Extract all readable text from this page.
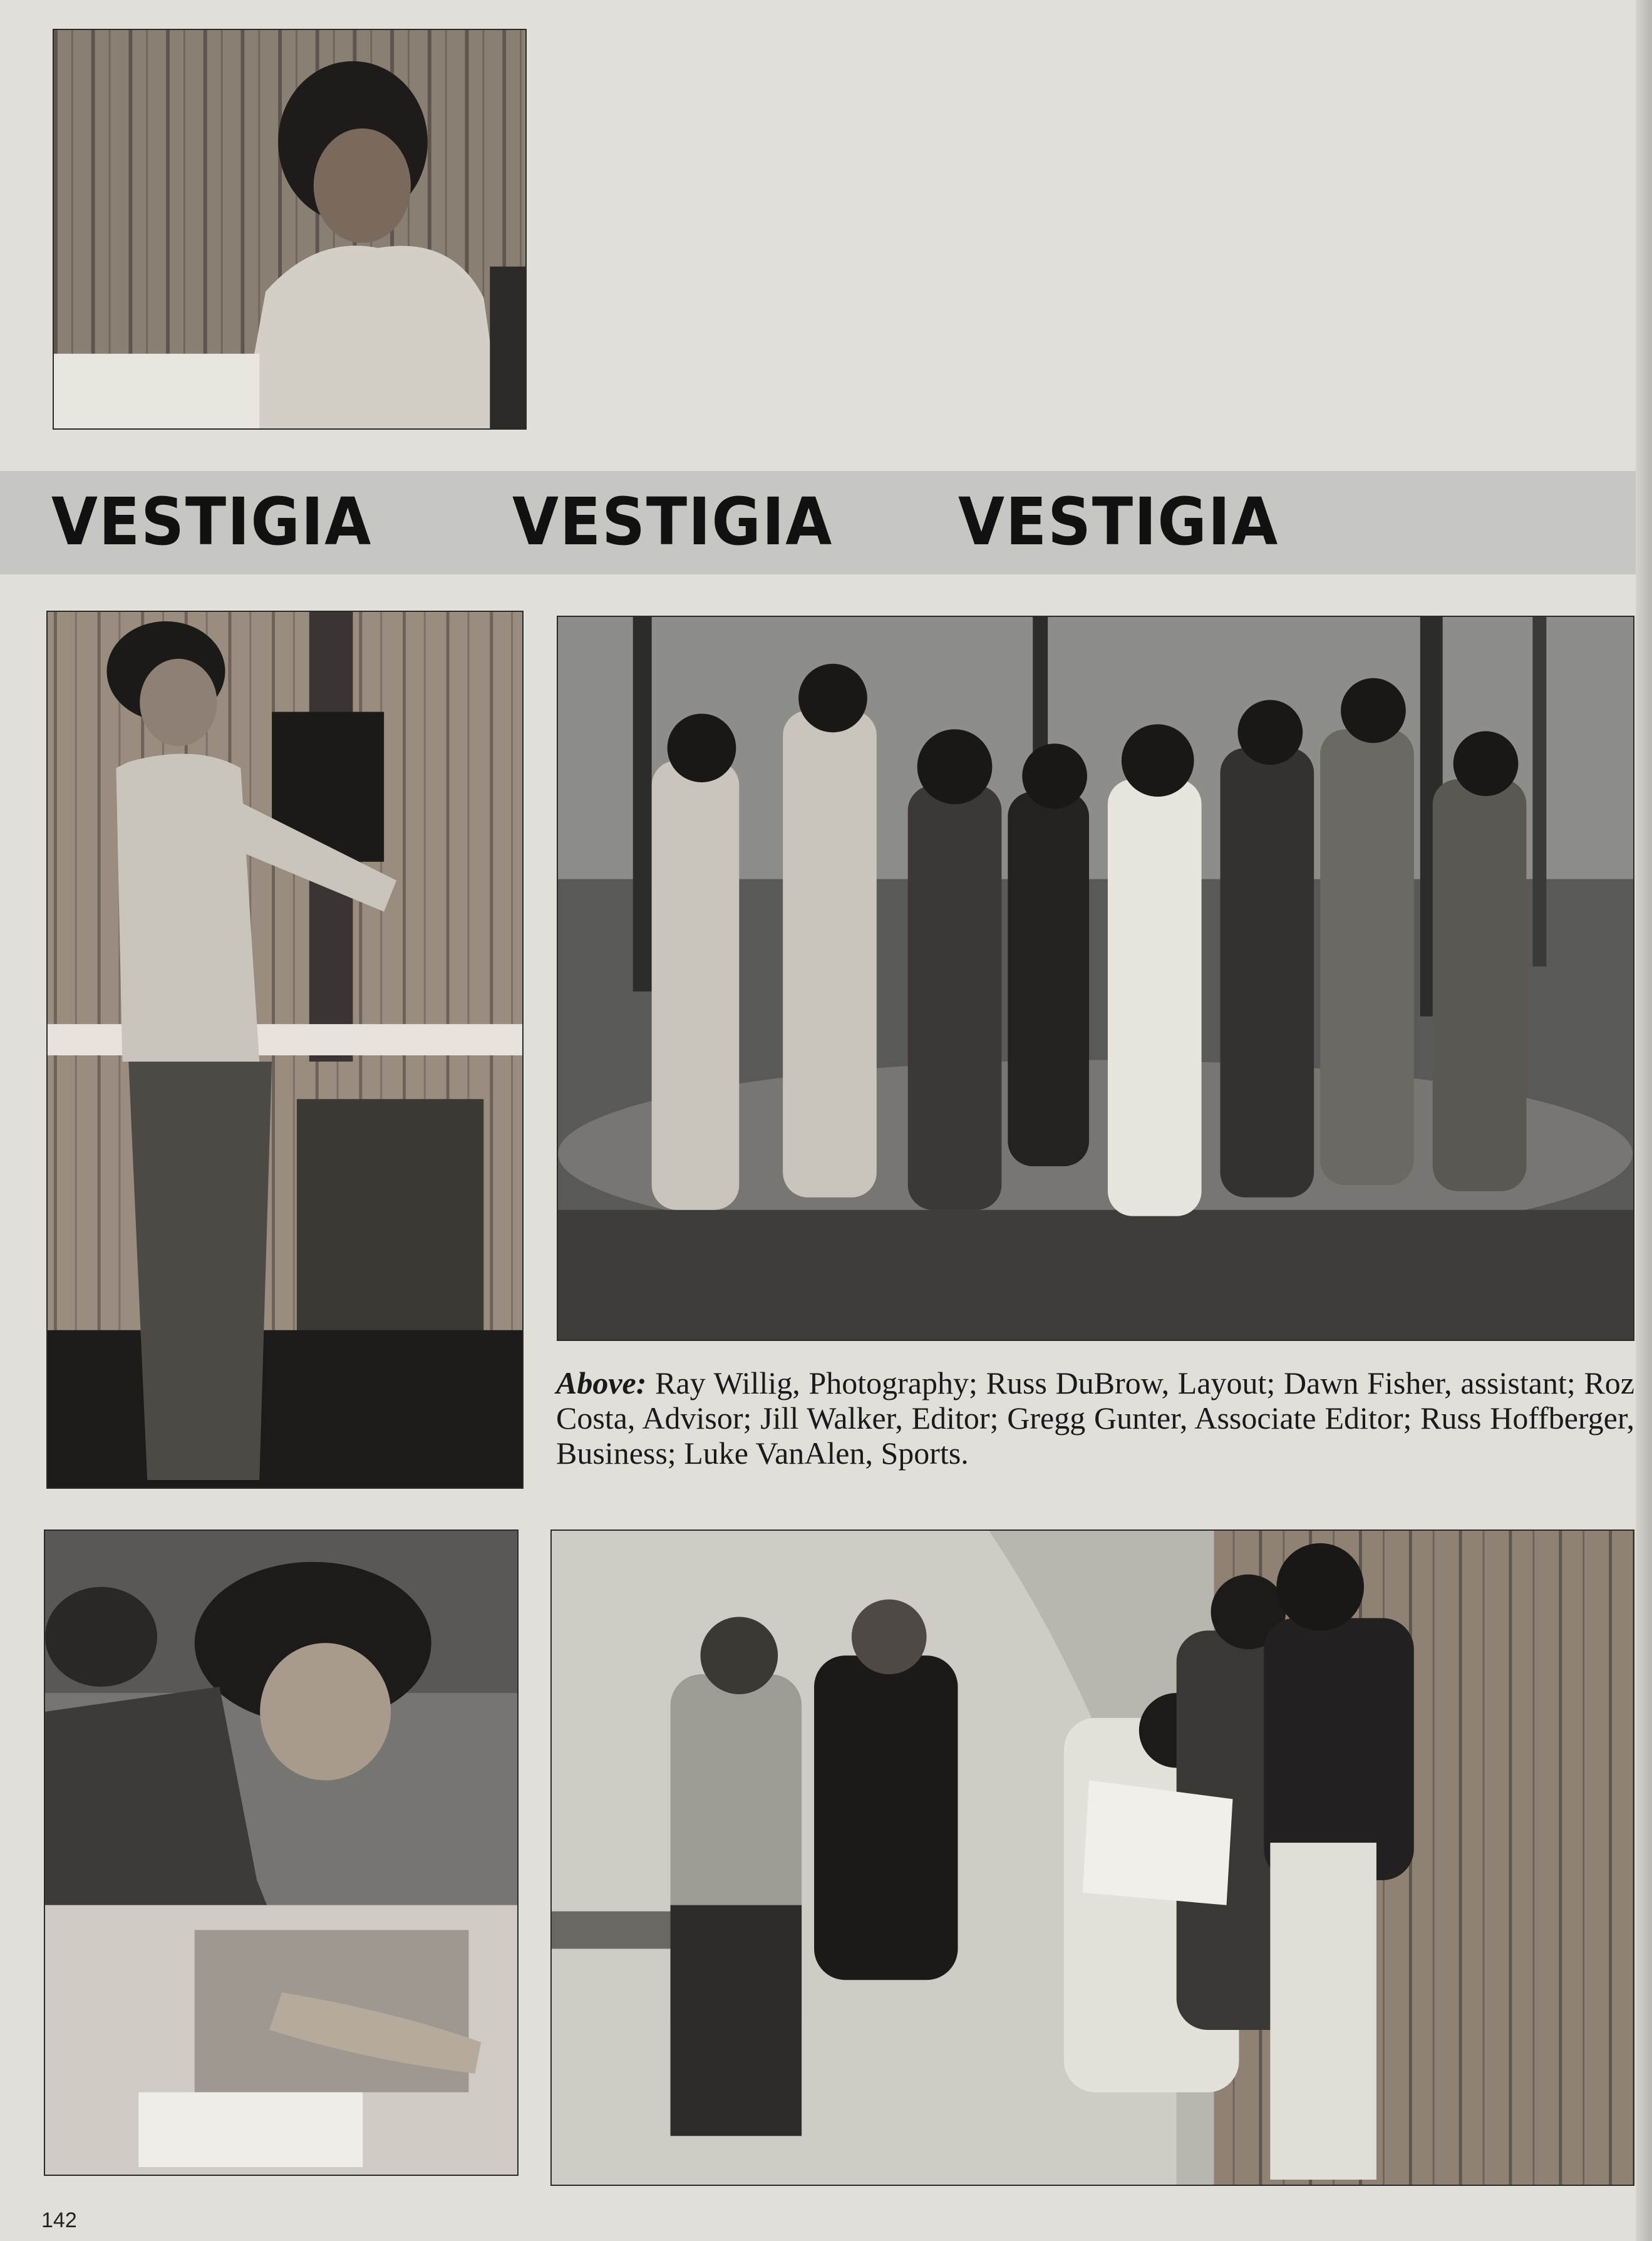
VESTIGIA VESTIGIA VESTIGIA
Above: Ray Willig, Photography; Russ DuBrow, Layout; Dawn Fisher, assistant; Roz Costa, Advisor; Jill Walker, Editor; Gregg Gunter, Associate Editor; Russ Hoffberger, Business; Luke VanAlen, Sports.
142
